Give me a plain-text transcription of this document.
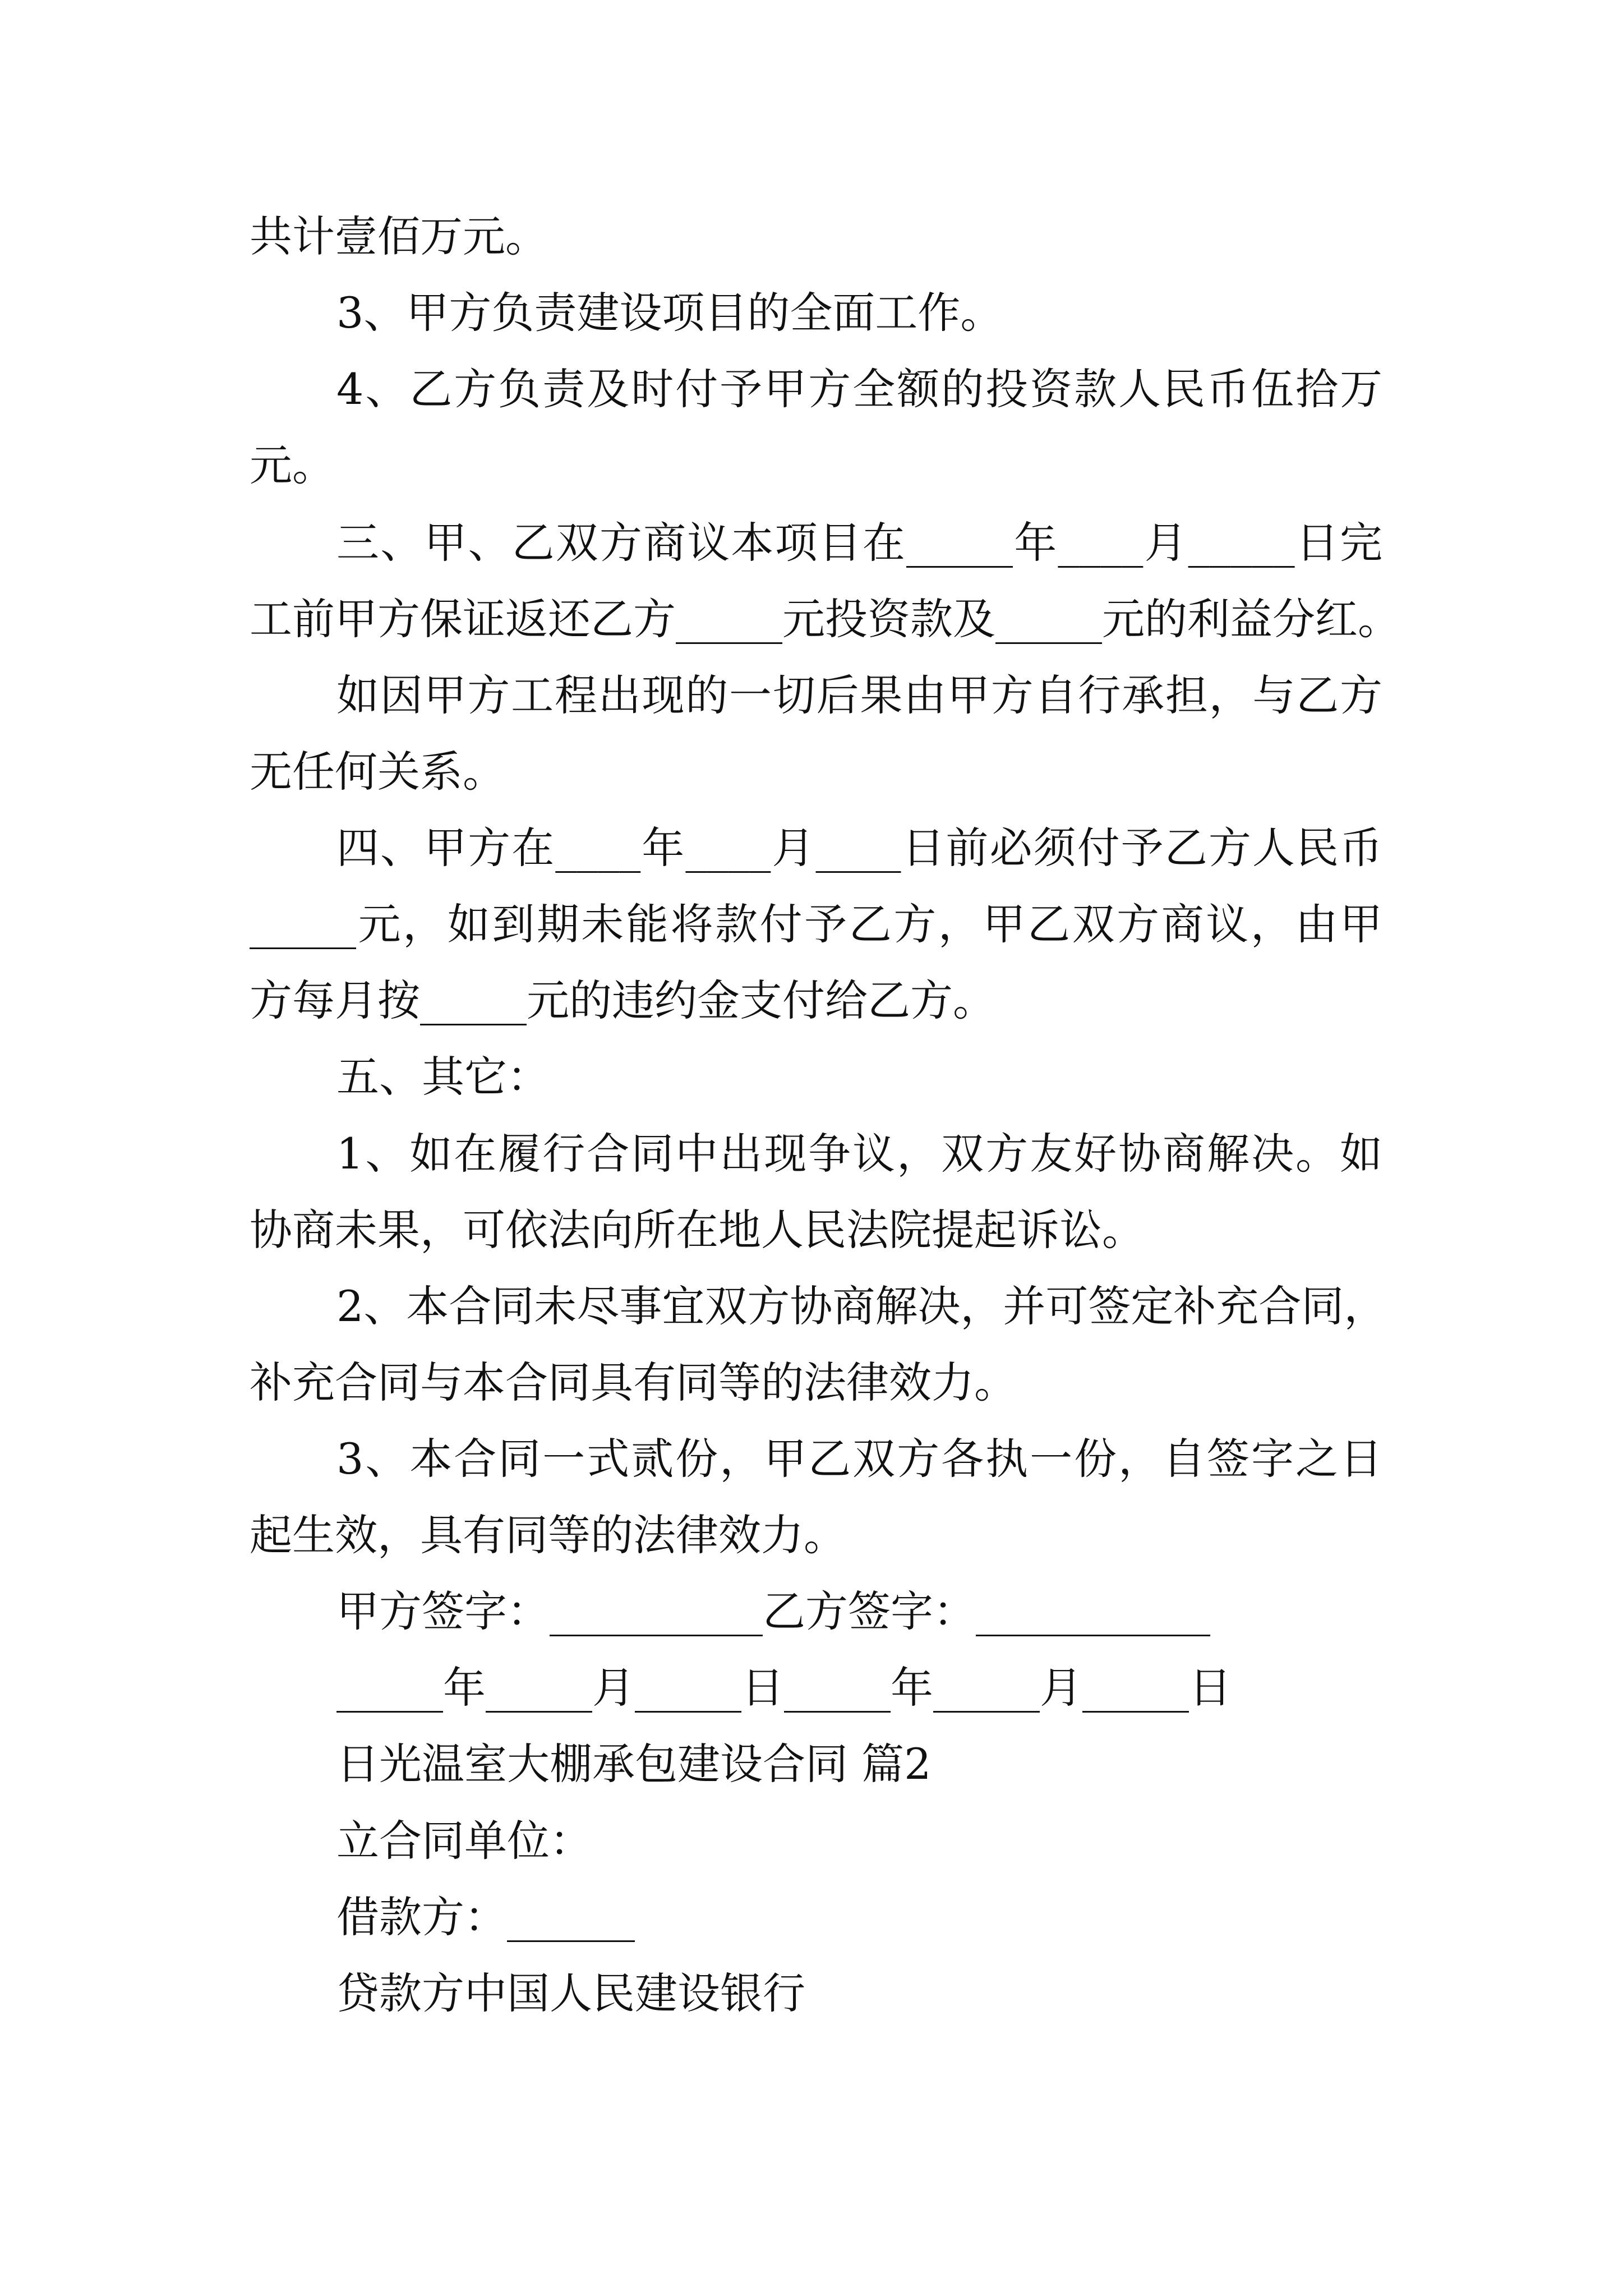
共计壹佰万元。
3、甲方负责建设项目的全面工作。
4、乙方负责及时付予甲方全额的投资款人民币伍拾万
元。
三、甲、乙双方商议本项目在_____年____月_____日完
工前甲方保证返还乙方_____元投资款及_____元的利益分红。
如因甲方工程出现的一切后果由甲方自行承担，与乙方
无任何关系。
四、甲方在____年____月____日前必须付予乙方人民币
_____元，如到期未能将款付予乙方，甲乙双方商议，由甲
方每月按_____元的违约金支付给乙方。
五、其它：
1、如在履行合同中出现争议，双方友好协商解决。如
协商未果，可依法向所在地人民法院提起诉讼。
2、本合同未尽事宜双方协商解决，并可签定补充合同，
补充合同与本合同具有同等的法律效力。
3、本合同一式贰份，甲乙双方各执一份，自签字之日
起生效，具有同等的法律效力。
甲方签字：__________乙方签字：___________
_____年_____月_____日_____年_____月_____日
日光温室大棚承包建设合同 篇2
立合同单位：
借款方：______
贷款方中国人民建设银行
